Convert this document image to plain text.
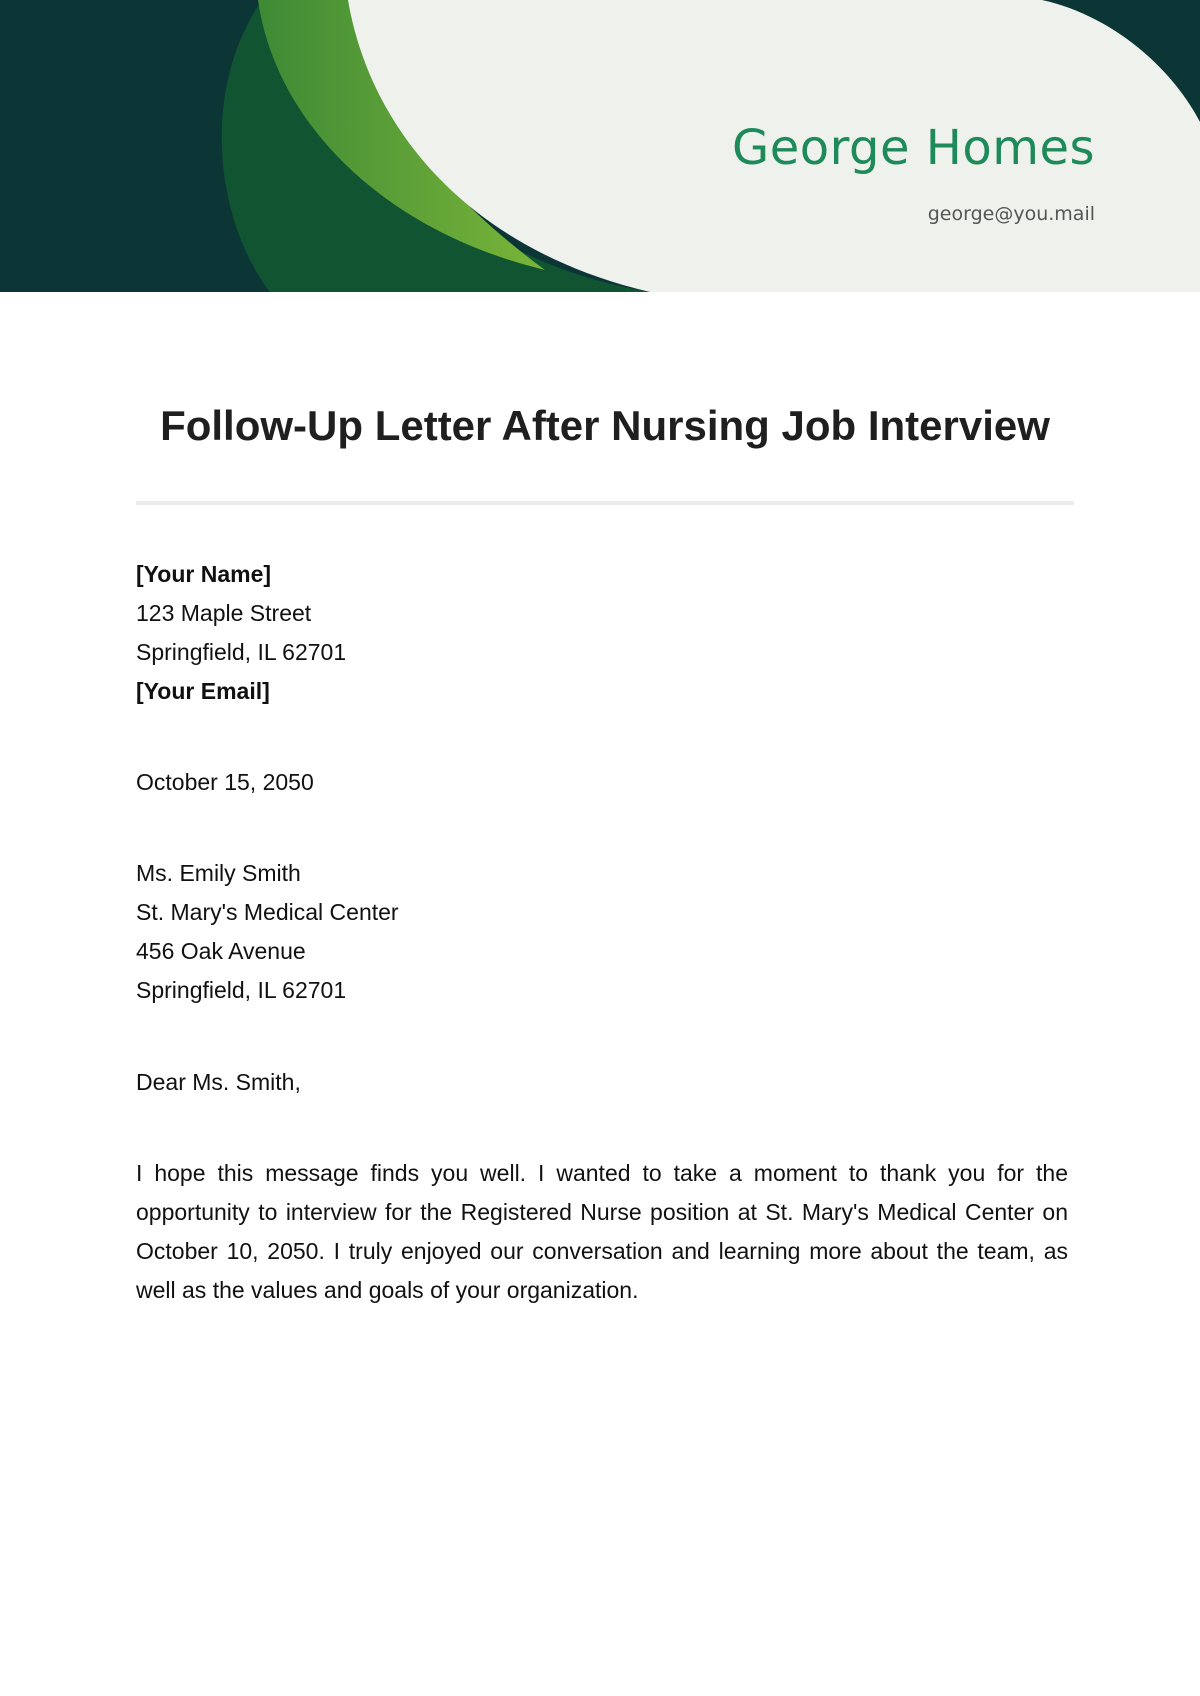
George Homes
george@you.mail
Follow-Up Letter After Nursing Job Interview
[Your Name]
123 Maple Street
Springfield, IL 62701
[Your Email]
October 15, 2050
Ms. Emily Smith
St. Mary's Medical Center
456 Oak Avenue
Springfield, IL 62701
Dear Ms. Smith,
I hope this message finds you well. I wanted to take a moment to thank you for the opportunity to interview for the Registered Nurse position at St. Mary's Medical Center on October 10, 2050. I truly enjoyed our conversation and learning more about the team, as well as the values and goals of your organization.
